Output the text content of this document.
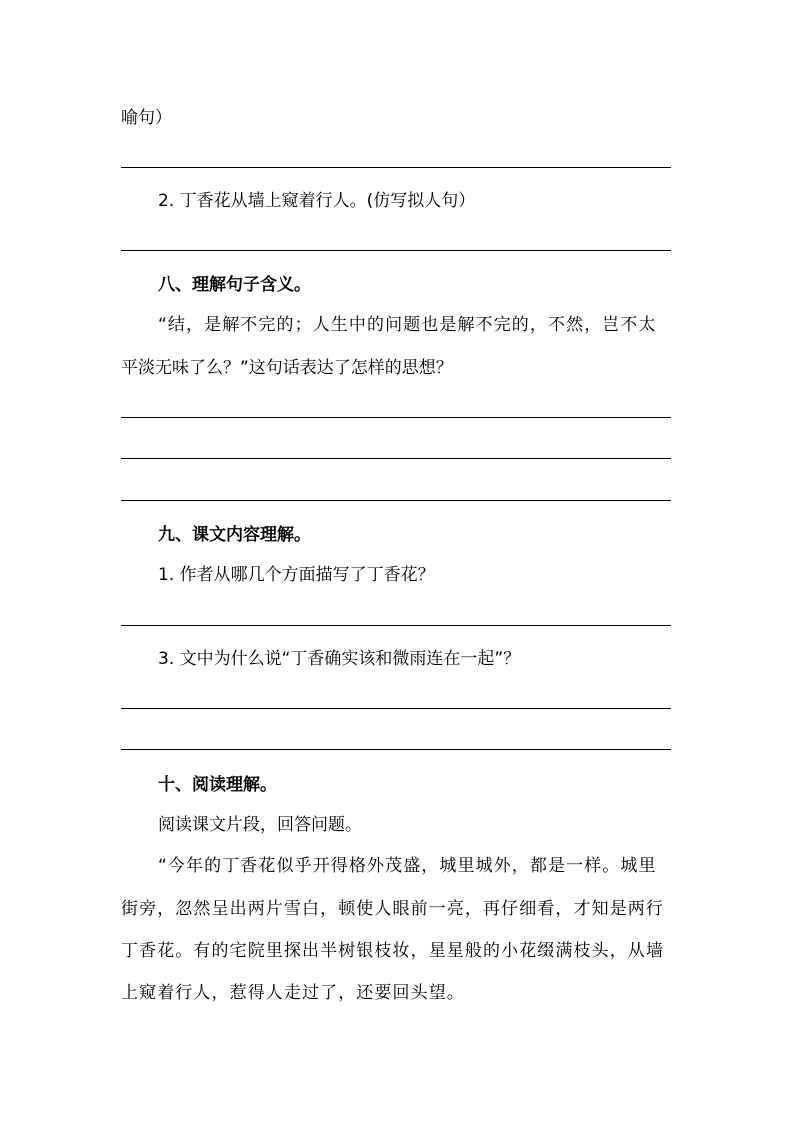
喻句）
2. 丁香花从墙上窥着行人。(仿写拟人句）
八、理解句子含义。
“结，是解不完的；人生中的问题也是解不完的，不然，岂不太
平淡无味了么？”这句话表达了怎样的思想？
九、课文内容理解。
1. 作者从哪几个方面描写了丁香花？
3. 文中为什么说“丁香确实该和微雨连在一起”？
十、阅读理解。
阅读课文片段，回答问题。
“今年的丁香花似乎开得格外茂盛，城里城外，都是一样。城里
街旁，忽然呈出两片雪白，顿使人眼前一亮，再仔细看，才知是两行
丁香花。有的宅院里探出半树银枝妆，星星般的小花缀满枝头，从墙
上窥着行人，惹得人走过了，还要回头望。
